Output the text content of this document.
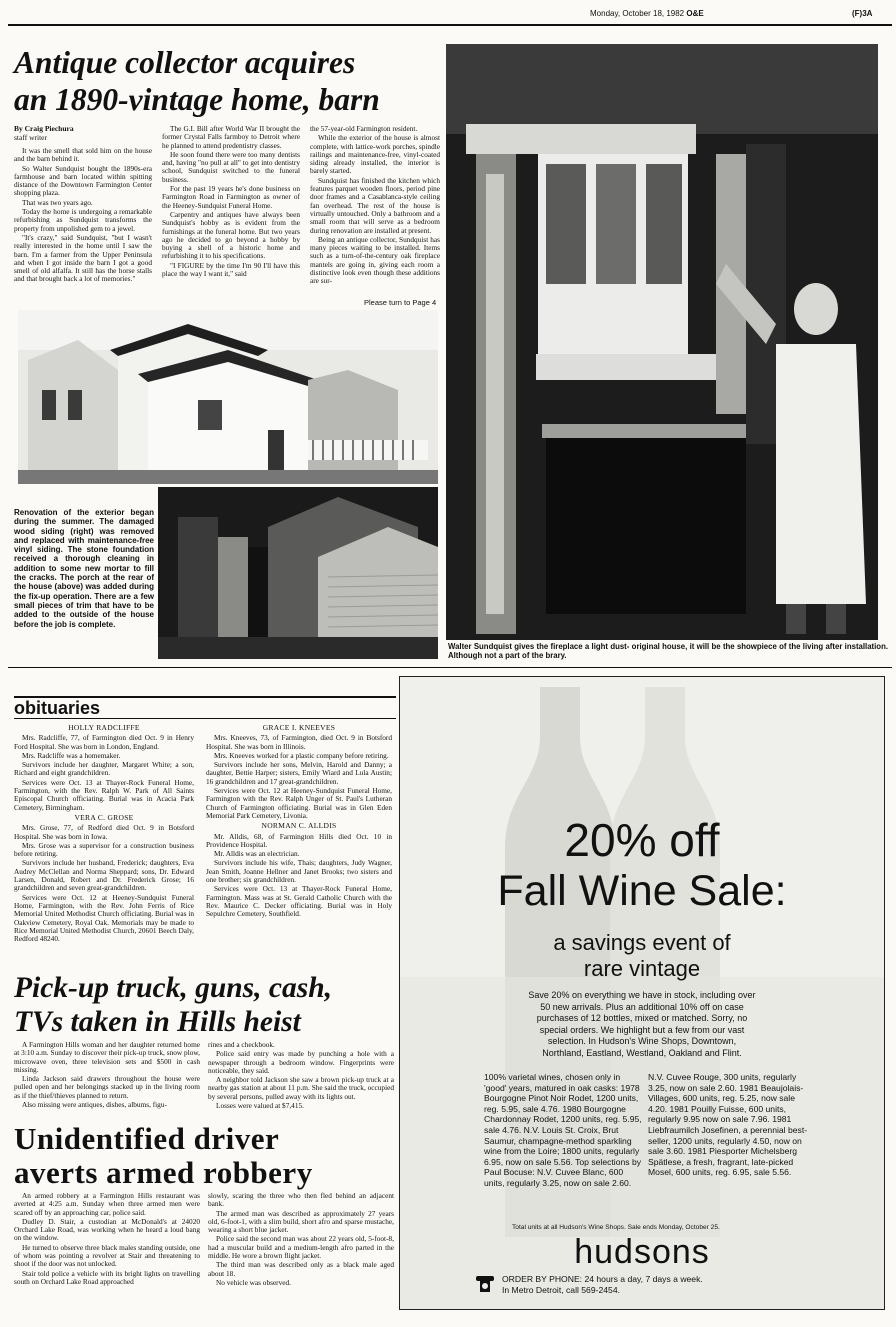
Monday, October 18, 1982 O&E	(F)3A
Antique collector acquires
an 1890-vintage home, barn
By Craig Piechura
staff writer

It was the smell that sold him on the house and the barn behind it.

So Walter Sundquist bought the 1890s-era farmhouse and barn located within spitting distance of the Downtown Farmington Center shopping plaza.

That was two years ago.

Today the home is undergoing a remarkable refurbishing as Sundquist transforms the property from unpolished gem to a jewel.

"It's crazy," said Sundquist, "but I wasn't really interested in the home until I saw the barn. I'm a farmer from the Upper Peninsula and when I got inside the barn I got a good smell of old alfalfa. It still has the horse stalls and that brought back a lot of memories."

The G.I. Bill after World War II brought the former Crystal Falls farmboy to Detroit where he planned to attend predentistry classes.

He soon found there were too many dentists and, having "no pull at all" to get into dentistry school, Sundquist switched to the funeral business.

For the past 19 years he's done business on Farmington Road in Farmington as owner of the Heeney-Sundquist Funeral Home.

Carpentry and antiques have always been Sundquist's hobby as is evident from the furnishings at the funeral home. But two years ago he decided to go beyond a hobby by buying a shell of a historic home and refurbishing it to his specifications.

"I FIGURE by the time I'm 90 I'll have this place the way I want it," said

the 57-year-old Farmington resident.

While the exterior of the house is almost complete, with lattice-work porches, spindle railings and maintenance-free, vinyl-coated siding already installed, the interior is barely started.

Sundquist has finished the kitchen which features parquet wooden floors, period pine door frames and a Casablanca-style ceiling fan overhead. The rest of the house is virtually untouched. Only a bathroom and a small room that will serve as a bedroom during renovation are installed at present.

Being an antique collector, Sundquist has many pieces waiting to be installed. Items such as a turn-of-the-century oak fireplace mantels are going in, giving each room a distinctive look even though these additions are sur-

Please turn to Page 4
Renovation of the exterior began during the summer. The damaged wood siding (right) was removed and replaced with maintenance-free vinyl siding. The stone foundation received a thorough cleaning in addition to some new mortar to fill the cracks. The porch at the rear of the house (above) was added during the fix-up operation. There are a few small pieces of trim that have to be added to the outside of the house before the job is complete.
Walter Sundquist gives the fireplace a light dust- original house, it will be the showpiece of the living after installation. Although not a part of the brary.
obituaries
HOLLY RADCLIFFE

Mrs. Radcliffe, 77, of Farmington died Oct. 9 in Henry Ford Hospital. She was born in London, England.

Mrs. Radcliffe was a homemaker.

Survivors include her daughter, Margaret White; a son, Richard and eight grandchildren.

Services were Oct. 13 at Thayer-Rock Funeral Home, Farmington, with the Rev. Ralph W. Park of All Saints Episcopal Church officiating. Burial was in Acacia Park Cemetery, Birmingham.

VERA C. GROSE

Mrs. Grose, 77, of Redford died Oct. 9 in Botsford Hospital. She was born in Iowa.

Mrs. Grose was a supervisor for a construction business before retiring.

Survivors include her husband, Frederick; daughters, Eva Audrey McClellan and Norma Sheppard; sons, Dr. Edward Larsen, Donald, Robert and Dr. Frederick Grose; 16 grandchildren and seven great-grandchildren.

Services were Oct. 12 at Heeney-Sundquist Funeral Home, Farmington, with the Rev. John Ferris of Rice Memorial United Methodist Church officiating. Burial was in Oakview Cemetery, Royal Oak. Memorials may be made to Rice Memorial United Methodist Church, 20601 Beech Daly, Redford 48240.

GRACE I. KNEEVES

Mrs. Kneeves, 73, of Farmington, died Oct. 9 in Botsford Hospital. She was born in Illinois.

Mrs. Kneeves worked for a plastic company before retiring.

Survivors include her sons, Melvin, Harold and Danny; a daughter, Bettie Harper; sisters, Emily Wiard and Lula Austin; 16 grandchildren and 17 great-grandchildren.

Services were Oct. 12 at Heeney-Sundquist Funeral Home, Farmington with the Rev. Ralph Unger of St. Paul's Lutheran Church of Farmington officiating. Burial was in Glen Eden Memorial Park Cemetery, Livonia.

NORMAN C. ALLDIS

Mr. Alldis, 68, of Farmington Hills died Oct. 10 in Providence Hospital.

Mr. Alldis was an electrician.

Survivors include his wife, Thais; daughters, Judy Wagner, Jean Smith, Joanne Hellner and Janet Brooks; two sisters and one brother; six grandchildren.

Services were Oct. 13 at Thayer-Rock Funeral Home, Farmington. Mass was at St. Gerald Catholic Church with the Rev. Maurice C. Decker officiating. Burial was in Holy Sepulchre Cemetery, Southfield.

Pick-up truck, guns, cash,
TVs taken in Hills heist

A Farmington Hills woman and her daughter returned home at 3:10 a.m. Sunday to discover their pick-up truck, snow plow, microwave oven, three television sets and $500 in cash missing.

Linda Jackson said drawers throughout the house were pulled open and her belongings stacked up in the living room as if the thief/thieves planned to return.

Also missing were antiques, dishes, albums, figu-

rines and a checkbook.

Police said entry was made by punching a hole with a newspaper through a bedroom window. Fingerprints were noticeable, they said.

A neighbor told Jackson she saw a brown pick-up truck at a nearby gas station at about 11 p.m. She said the truck, occupied by several persons, pulled away with its lights out.

Losses were valued at $7,415.

Unidentified driver
averts armed robbery

An armed robbery at a Farmington Hills restaurant was averted at 4:25 a.m. Sunday when three armed men were scared off by an approaching car, police said.

Dudley D. Stair, a custodian at McDonald's at 24020 Orchard Lake Road, was working when he heard a loud bang on the window.

He turned to observe three black males standing outside, one of whom was pointing a revolver at Stair and threatening to shoot if the door was not unlocked.

Stair told police a vehicle with its bright lights on travelling south on Orchard Lake Road approached

slowly, scaring the three who then fled behind an adjacent bank.

The armed man was described as approximately 27 years old, 6-foot-1, with a slim build, short afro and sparse mustache, wearing a short blue jacket.

Police said the second man was about 22 years old, 5-foot-8, had a muscular build and a medium-length afro parted in the middle. He wore a brown flight jacket.

The third man was described only as a black male aged about 18.

No vehicle was observed.

20% off
Fall Wine Sale:
a savings event of
rare vintage
Save 20% on everything we have in stock, including over 50 new arrivals. Plus an additional 10% off on case purchases of 12 bottles, mixed or matched. Sorry, no special orders. We highlight but a few from our vast selection. In Hudson's Wine Shops, Downtown, Northland, Eastland, Westland, Oakland and Flint.
100% varietal wines, chosen only in 'good' years, matured in oak casks: 1978 Bourgogne Pinot Noir Rodet, 1200 units, reg. 5.95, sale 4.76. 1980 Bourgogne Chardonnay Rodet, 1200 units, reg. 5.95, sale 4.76. N.V. Louis St. Croix, Brut Saumur, champagne-method sparkling wine from the Loire; 1800 units, regularly 6.95, now on sale 5.56. Top selections by Paul Bocuse: N.V. Cuvee Blanc, 600 units, regularly 3.25, now on sale 2.60.
N.V. Cuvee Rouge, 300 units, regularly 3.25, now on sale 2.60. 1981 Beaujolais-Villages, 600 units, reg. 5.25, now sale 4.20. 1981 Pouilly Fuisse, 600 units, regularly 9.95 now on sale 7.96. 1981 Liebfraumilch Josefinen, a perennial best-seller, 1200 units, regularly 4.50, now on sale 3.60. 1981 Piesporter Michelsberg Spätlese, a fresh, fragrant, late-picked Mosel, 600 units, reg. 6.95, sale 5.56.
Total units at all Hudson's Wine Shops. Sale ends Monday, October 25.
hudsons
ORDER BY PHONE: 24 hours a day, 7 days a week.
In Metro Detroit, call 569-2454.
